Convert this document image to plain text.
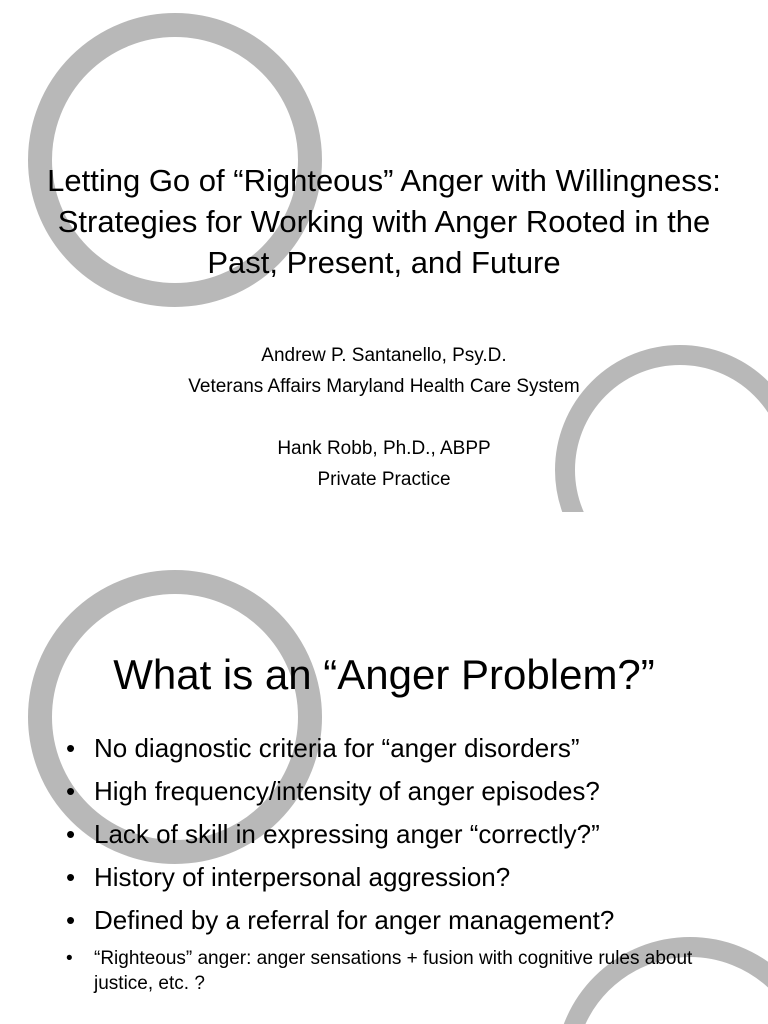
Letting Go of “Righteous” Anger with Willingness: Strategies for Working with Anger Rooted in the Past, Present, and Future
Andrew P. Santanello, Psy.D.
Veterans Affairs Maryland Health Care System
Hank Robb, Ph.D., ABPP
Private Practice
What is an “Anger Problem?”
• No diagnostic criteria for “anger disorders”
• High frequency/intensity of anger episodes?
• Lack of skill in expressing anger “correctly?”
• History of interpersonal aggression?
• Defined by a referral for anger management?
• “Righteous” anger: anger sensations + fusion with cognitive rules about justice, etc. ?
